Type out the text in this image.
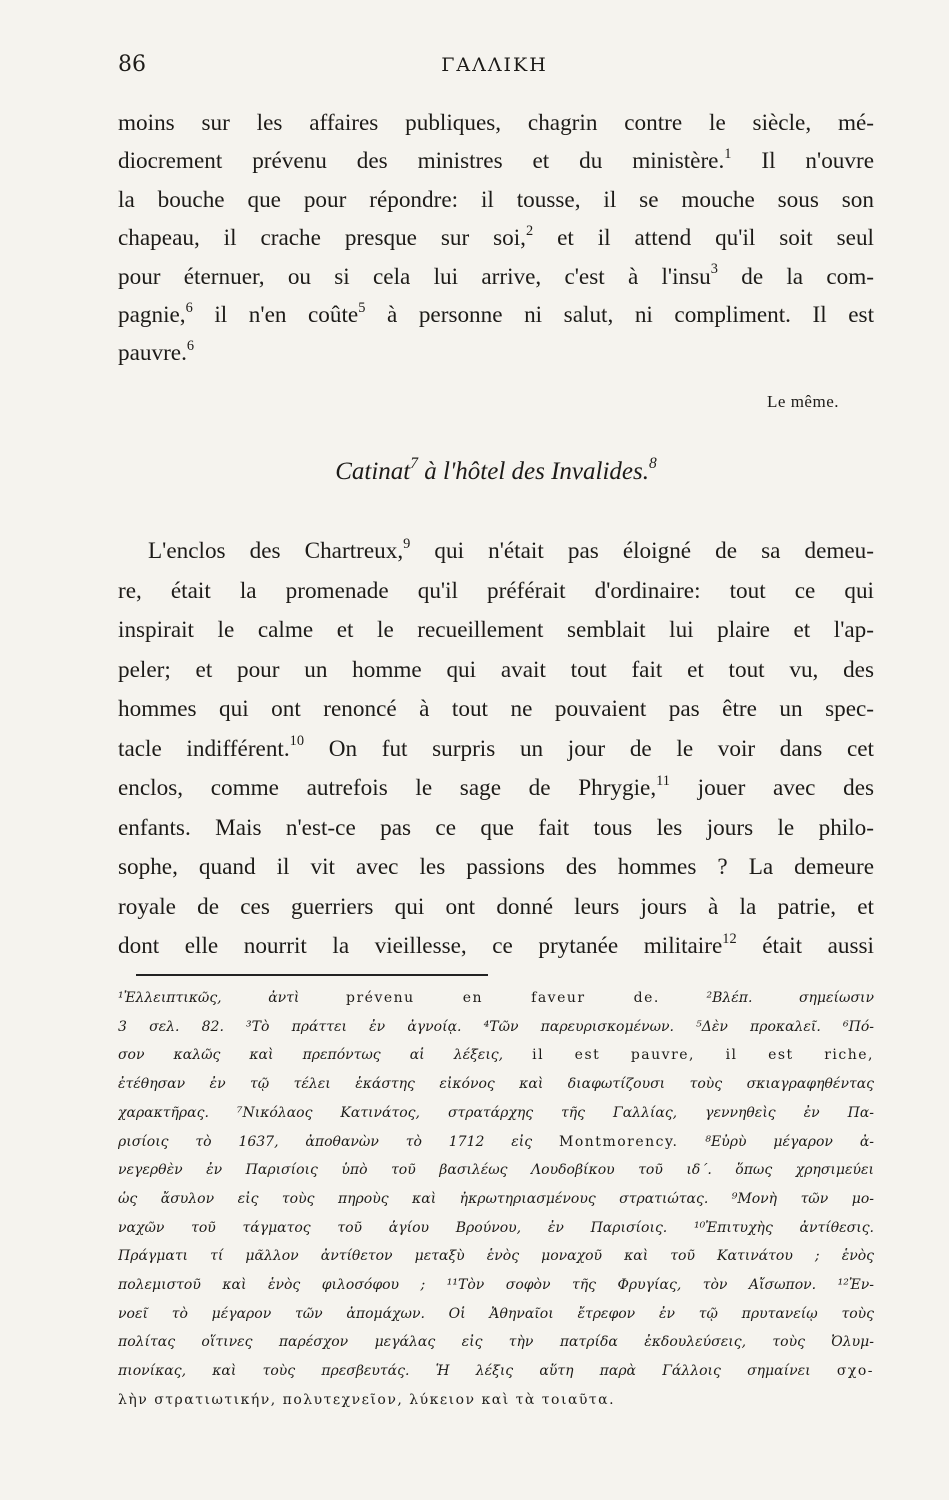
86	ΓΑΛΛΙΚΗ
moins sur les affaires publiques, chagrin contre le siècle, mé-
diocrement prévenu des ministres et du ministère.$^1$ Il n'ouvre
la bouche que pour répondre: il tousse, il se mouche sous son
chapeau, il crache presque sur soi,$^2$ et il attend qu'il soit seul
pour éternuer, ou si cela lui arrive, c'est à l'insu$^3$ de la com-
pagnie,$^6$ il n'en coûte$^5$ à personne ni salut, ni compliment. Il est
pauvre.$^6$
Le même.
Catinat$^7$ à l'hôtel des Invalides.$^8$
L'enclos des Chartreux,$^9$ qui n'était pas éloigné de sa demeu-
re, était la promenade qu'il préférait d'ordinaire: tout ce qui
inspirait le calme et le recueillement semblait lui plaire et l'ap-
peler; et pour un homme qui avait tout fait et tout vu, des
hommes qui ont renoncé à tout ne pouvaient pas être un spec-
tacle indifférent.$^{10}$ On fut surpris un jour de le voir dans cet
enclos, comme autrefois le sage de Phrygie,$^{11}$ jouer avec des
enfants. Mais n'est-ce pas ce que fait tous les jours le philo-
sophe, quand il vit avec les passions des hommes ? La demeure
royale de ces guerriers qui ont donné leurs jours à la patrie, et
dont elle nourrit la vieillesse, ce prytanée militaire$^{12}$ était aussi
¹Ἐλλειπτικῶς, ἀντὶ	prévenu en faveur de.	²Βλέπ. σημείωσιν
3 σελ. 82. ³Τὸ πράττει ἐν ἀγνοίᾳ. ⁴Τῶν παρευρισκομένων. ⁵Δὲν προκαλεῖ. ⁶Πό-
σον καλῶς καὶ πρεπόντως αἱ λέξεις, il est pauvre, il est riche,
ἐτέθησαν ἐν τῷ τέλει ἑκάστης εἰκόνος καὶ διαφωτίζουσι τοὺς σκιαγραφηθέντας
χαρακτῆρας. ⁷Νικόλαος Κατινάτος, στρατάρχης τῆς Γαλλίας, γεννηθεὶς ἐν Πα-
ρισίοις τὸ 1637, ἀποθανὼν τὸ 1712 εἰς Montmorency. ⁸Εὐρὺ μέγαρον ἀ-
νεγερθὲν ἐν Παρισίοις ὑπὸ τοῦ βασιλέως Λουδοβίκου τοῦ ιδ΄. ὅπως χρησιμεύει
ὡς ἄσυλον εἰς τοὺς πηροὺς καὶ ἠκρωτηριασμένους στρατιώτας. ⁹Μονὴ τῶν μο-
ναχῶν τοῦ τάγματος τοῦ ἁγίου Βρούνου, ἐν Παρισίοις. ¹⁰Ἐπιτυχὴς ἀντίθεσις.
Πράγματι τί μᾶλλον ἀντίθετον μεταξὺ ἑνὸς μοναχοῦ καὶ τοῦ Κατινάτου ; ἑνὸς
πολεμιστοῦ καὶ ἑνὸς φιλοσόφου ; ¹¹Τὸν σοφὸν τῆς Φρυγίας, τὸν Αἴσωπον. ¹²Ἐν-
νοεῖ τὸ μέγαρον τῶν ἀπομάχων. Οἱ Ἀθηναῖοι ἔτρεφον ἐν τῷ πρυτανείῳ τοὺς
πολίτας οἵτινες παρέσχον μεγάλας εἰς τὴν πατρίδα ἐκδουλεύσεις, τοὺς Ὀλυμ-
πιονίκας, καὶ τοὺς πρεσβευτάς. Ἡ λέξις αὕτη παρὰ Γάλλοις σημαίνει σχο-
λὴν στρατιωτικήν, πολυτεχνεῖον, λύκειον καὶ τὰ τοιαῦτα.
